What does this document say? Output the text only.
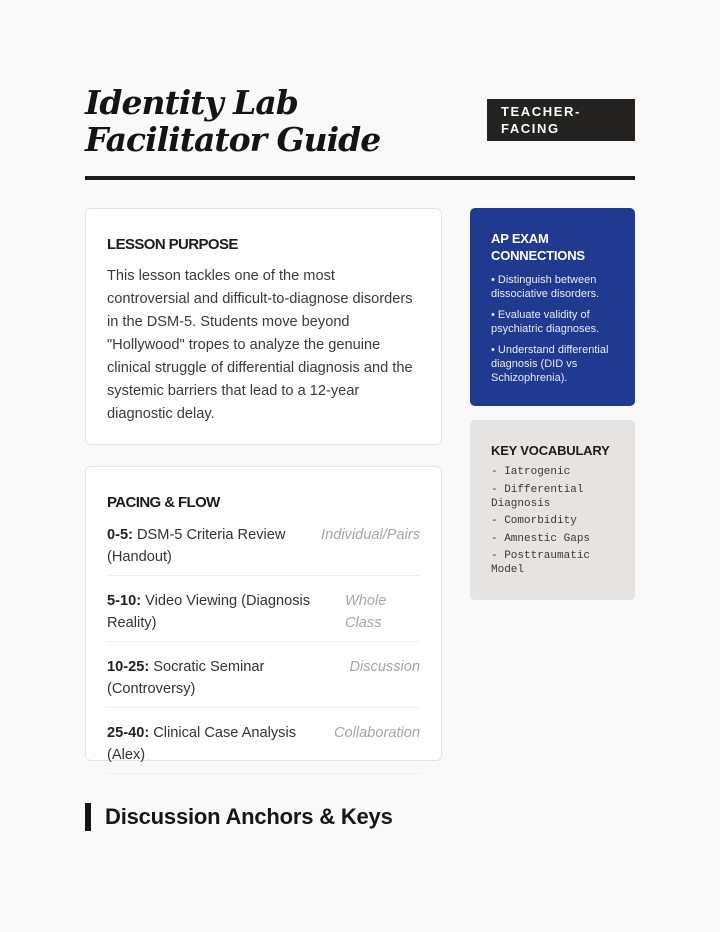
Identity Lab Facilitator Guide
TEACHER-FACING
LESSON PURPOSE

This lesson tackles one of the most controversial and difficult-to-diagnose disorders in the DSM-5. Students move beyond "Hollywood" tropes to analyze the genuine clinical struggle of differential diagnosis and the systemic barriers that lead to a 12-year diagnostic delay.

PACING & FLOW
0-5: DSM-5 Criteria Review (Handout)
Individual/Pairs
5-10: Video Viewing (Diagnosis Reality)
Whole Class
10-25: Socratic Seminar (Controversy)
Discussion
25-40: Clinical Case Analysis (Alex)
Collaboration
AP EXAM CONNECTIONS
• Distinguish between dissociative disorders.
• Evaluate validity of psychiatric diagnoses.
• Understand differential diagnosis (DID vs Schizophrenia).
KEY VOCABULARY
- Iatrogenic
- Differential Diagnosis
- Comorbidity
- Amnestic Gaps
- Posttraumatic Model
Discussion Anchors & Keys
